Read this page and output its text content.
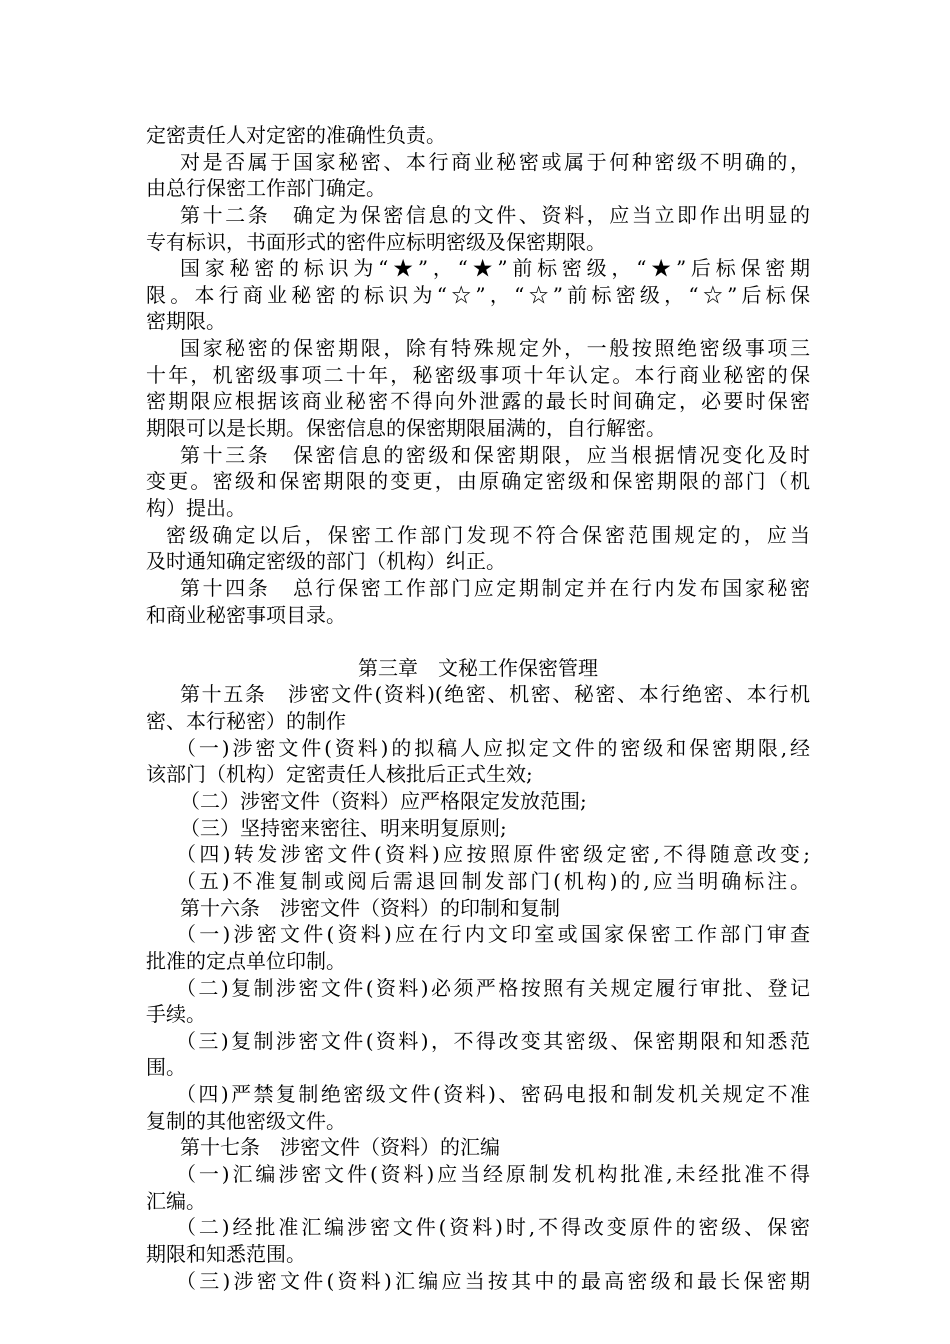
定密责任人对定密的准确性负责。
对是否属于国家秘密、本行商业秘密或属于何种密级不明确的，
由总行保密工作部门确定。
第十二条　确定为保密信息的文件、资料，应当立即作出明显的
专有标识，书面形式的密件应标明密级及保密期限。
国家秘密的标识为“★”，“★”前标密级，“★”后标保密期
限。本行商业秘密的标识为“☆”，“☆”前标密级，“☆”后标保
密期限。
国家秘密的保密期限，除有特殊规定外，一般按照绝密级事项三
十年，机密级事项二十年，秘密级事项十年认定。本行商业秘密的保
密期限应根据该商业秘密不得向外泄露的最长时间确定，必要时保密
期限可以是长期。保密信息的保密期限届满的，自行解密。
第十三条　保密信息的密级和保密期限，应当根据情况变化及时
变更。密级和保密期限的变更，由原确定密级和保密期限的部门（机
构）提出。
密级确定以后，保密工作部门发现不符合保密范围规定的，应当
及时通知确定密级的部门（机构）纠正。
第十四条　总行保密工作部门应定期制定并在行内发布国家秘密
和商业秘密事项目录。
第三章　文秘工作保密管理
第十五条　涉密文件(资料)(绝密、机密、秘密、本行绝密、本行机
密、本行秘密）的制作
（一)涉密文件(资料)的拟稿人应拟定文件的密级和保密期限,经
该部门（机构）定密责任人核批后正式生效;
（二）涉密文件（资料）应严格限定发放范围;
（三）坚持密来密往、明来明复原则;
（四)转发涉密文件(资料)应按照原件密级定密,不得随意改变;
（五)不准复制或阅后需退回制发部门(机构)的,应当明确标注。
第十六条　涉密文件（资料）的印制和复制
（一)涉密文件(资料)应在行内文印室或国家保密工作部门审查
批准的定点单位印制。
（二)复制涉密文件(资料)必须严格按照有关规定履行审批、登记
手续。
（三)复制涉密文件(资料)，不得改变其密级、保密期限和知悉范
围。
（四)严禁复制绝密级文件(资料)、密码电报和制发机关规定不准
复制的其他密级文件。
第十七条　涉密文件（资料）的汇编
（一)汇编涉密文件(资料)应当经原制发机构批准,未经批准不得
汇编。
（二)经批准汇编涉密文件(资料)时,不得改变原件的密级、保密
期限和知悉范围。
（三)涉密文件(资料)汇编应当按其中的最高密级和最长保密期
